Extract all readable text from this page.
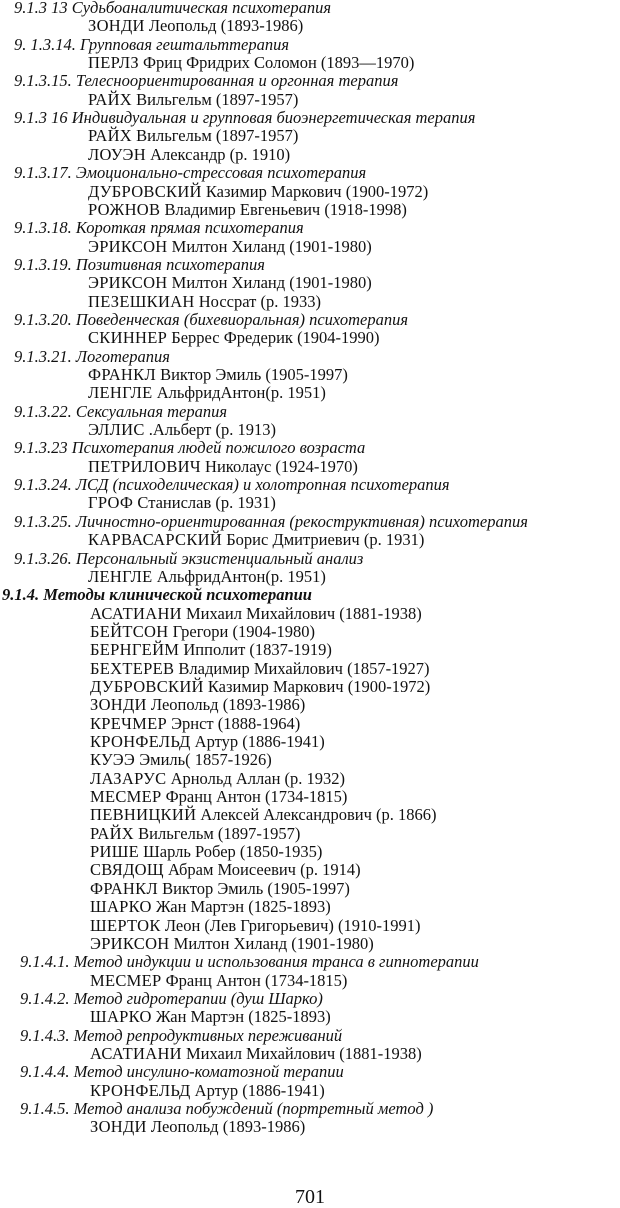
9.1.3 13 Судьбоаналитическая психотерапия
ЗОНДИ Леопольд (1893-1986)
9. 1.3.14. Групповая гештальттерапия
ПЕРЛЗ Фриц Фридрих Соломон (1893—1970)
9.1.3.15. Телесноориентированная и оргонная терапия
РАЙХ Вильгельм (1897-1957)
9.1.3 16 Индивидуальная и групповая биоэнергетическая терапия
РАЙХ Вильгельм (1897-1957)
ЛОУЭН Александр (р. 1910)
9.1.3.17. Эмоционально-стрессовая психотерапия
ДУБРОВСКИЙ Казимир Маркович (1900-1972)
РОЖНОВ Владимир Евгеньевич (1918-1998)
9.1.3.18. Короткая прямая психотерапия
ЭРИКСОН Милтон Хиланд (1901-1980)
9.1.3.19. Позитивная психотерапия
ЭРИКСОН Милтон Хиланд (1901-1980)
ПЕЗЕШКИАН Носсрат (р. 1933)
9.1.3.20. Поведенческая (бихевиоральная) психотерапия
СКИННЕР Беррес Фредерик (1904-1990)
9.1.3.21. Логотерапия
ФРАНКЛ Виктор Эмиль (1905-1997)
ЛЕНГЛЕ АльфридАнтон(р. 1951)
9.1.3.22. Сексуальная терапия
ЭЛЛИС .Альберт (р. 1913)
9.1.3.23 Психотерапия людей пожилого возраста
ПЕТРИЛОВИЧ Николаус (1924-1970)
9.1.3.24. ЛСД (психоделическая) и холотропная психотерапия
ГРОФ Станислав (р. 1931)
9.1.3.25. Личностно-ориентированная (рекоструктивная) психотерапия
КАРВАСАРСКИЙ Борис Дмитриевич (р. 1931)
9.1.3.26. Персональный экзистенциальный анализ
ЛЕНГЛЕ АльфридАнтон(р. 1951)
9.1.4. Методы клинической психотерапии
АСАТИАНИ Михаил Михайлович (1881-1938)
БЕЙТСОН Грегори (1904-1980)
БЕРНГЕЙМ Ипполит (1837-1919)
БЕХТЕРЕВ Владимир Михайлович (1857-1927)
ДУБРОВСКИЙ Казимир Маркович (1900-1972)
ЗОНДИ Леопольд (1893-1986)
КРЕЧМЕР Эрнст (1888-1964)
КРОНФЕЛЬД Артур (1886-1941)
КУЭЭ Эмиль( 1857-1926)
ЛАЗАРУС Арнольд Аллан (р. 1932)
МЕСМЕР Франц Антон (1734-1815)
ПЕВНИЦКИЙ Алексей Александрович (р. 1866)
РАЙХ Вильгельм (1897-1957)
РИШЕ Шарль Робер (1850-1935)
СВЯДОЩ Абрам Моисеевич (р. 1914)
ФРАНКЛ Виктор Эмиль (1905-1997)
ШАРКО Жан Мартэн (1825-1893)
ШЕРТОК Леон (Лев Григорьевич) (1910-1991)
ЭРИКСОН Милтон Хиланд (1901-1980)
9.1.4.1. Метод индукции и использования транса в гипнотерапии
МЕСМЕР Франц Антон (1734-1815)
9.1.4.2. Метод гидротерапии (душ Шарко)
ШАРКО Жан Мартэн (1825-1893)
9.1.4.3. Метод репродуктивных переживаний
АСАТИАНИ Михаил Михайлович (1881-1938)
9.1.4.4. Метод инсулино-коматозной терапии
КРОНФЕЛЬД Артур (1886-1941)
9.1.4.5. Метод анализа побуждений (портретный метод )
ЗОНДИ Леопольд (1893-1986)
701
